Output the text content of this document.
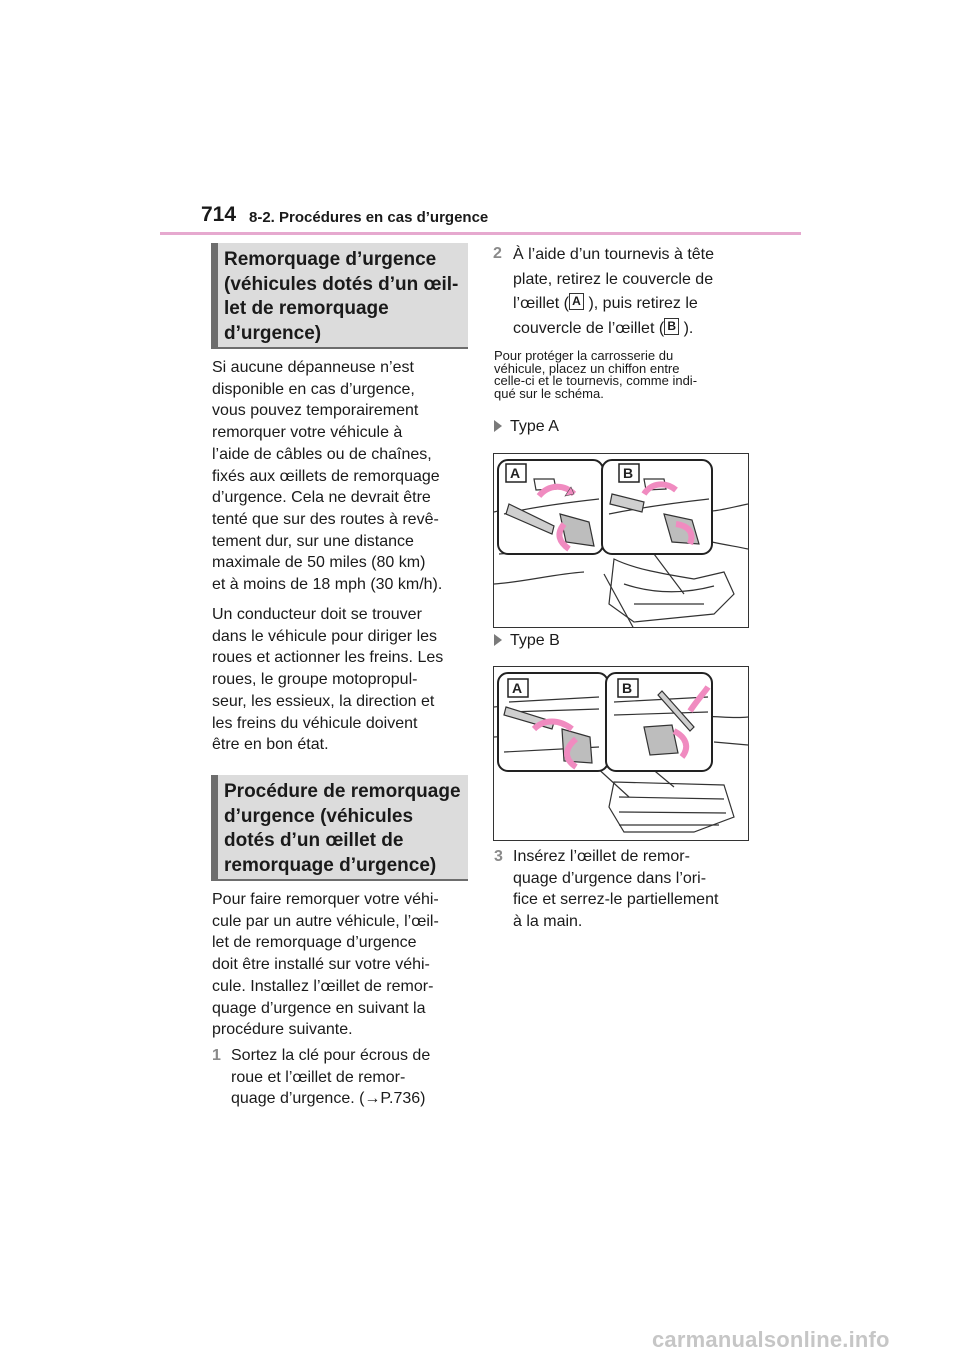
714 8-2. Procédures en cas d’urgence
Remorquage d’urgence
(véhicules dotés d’un œil-
let de remorquage
d’urgence)
Si aucune dépanneuse n’est
disponible en cas d’urgence,
vous pouvez temporairement
remorquer votre véhicule à
l’aide de câbles ou de chaînes,
fixés aux œillets de remorquage
d’urgence. Cela ne devrait être
tenté que sur des routes à revê-
tement dur, sur une distance
maximale de 50 miles (80 km)
et à moins de 18 mph (30 km/h).
Un conducteur doit se trouver
dans le véhicule pour diriger les
roues et actionner les freins. Les
roues, le groupe motopropul-
seur, les essieux, la direction et
les freins du véhicule doivent
être en bon état.
Procédure de remorquage
d’urgence (véhicules
dotés d’un œillet de
remorquage d’urgence)
Pour faire remorquer votre véhi-
cule par un autre véhicule, l’œil-
let de remorquage d’urgence
doit être installé sur votre véhi-
cule. Installez l’œillet de remor-
quage d’urgence en suivant la
procédure suivante.
1 Sortez la clé pour écrous de
roue et l’œillet de remor-
quage d’urgence. (→P.736)
2 À l’aide d’un tournevis à tête
plate, retirez le couvercle de
l’œillet ( A ), puis retirez le
couvercle de l’œillet ( B ).
Pour protéger la carrosserie du
véhicule, placez un chiffon entre
celle-ci et le tournevis, comme indi-
qué sur le schéma.
Type A
A	B
Type B
A	B
3 Insérez l’œillet de remor-
quage d’urgence dans l’ori-
fice et serrez-le partiellement
à la main.
carmanualsonline.info
